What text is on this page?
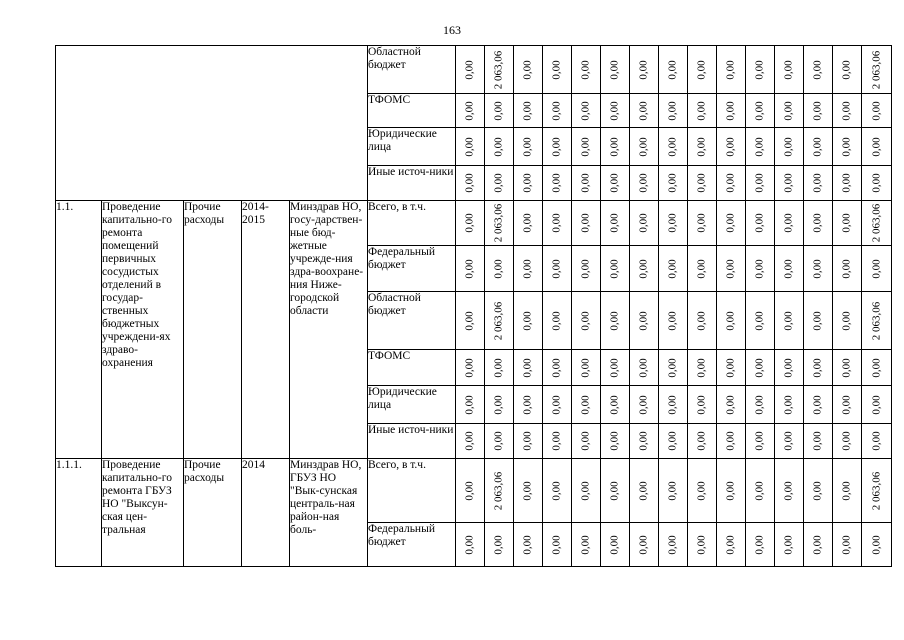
163
					Областной бюджет	0,00	2 063,06	0,00	0,00	0,00	0,00	0,00	0,00	0,00	0,00	0,00	0,00	0,00	0,00	2 063,06

					ТФОМС	0,00	0,00	0,00	0,00	0,00	0,00	0,00	0,00	0,00	0,00	0,00	0,00	0,00	0,00	0,00

					Юридические лица	0,00	0,00	0,00	0,00	0,00	0,00	0,00	0,00	0,00	0,00	0,00	0,00	0,00	0,00	0,00

					Иные источ-ники	0,00	0,00	0,00	0,00	0,00	0,00	0,00	0,00	0,00	0,00	0,00	0,00	0,00	0,00	0,00

1.1.	Проведение капитально-го ремонта помещений первичных сосудистых отделений в государ-ственных бюджетных учреждени-ях здраво-охранения	Прочие расходы	2014-2015	Минздрав НО, госу-дарствен-ные бюд-жетные учрежде-ния здра-воохране-ния Ниже-городской области	Всего, в т.ч.	0,00	2 063,06	0,00	0,00	0,00	0,00	0,00	0,00	0,00	0,00	0,00	0,00	0,00	0,00	2 063,06

					Федеральный бюджет	0,00	0,00	0,00	0,00	0,00	0,00	0,00	0,00	0,00	0,00	0,00	0,00	0,00	0,00	0,00

					Областной бюджет	0,00	2 063,06	0,00	0,00	0,00	0,00	0,00	0,00	0,00	0,00	0,00	0,00	0,00	0,00	2 063,06

					ТФОМС	0,00	0,00	0,00	0,00	0,00	0,00	0,00	0,00	0,00	0,00	0,00	0,00	0,00	0,00	0,00

					Юридические лица	0,00	0,00	0,00	0,00	0,00	0,00	0,00	0,00	0,00	0,00	0,00	0,00	0,00	0,00	0,00

					Иные источ-ники	0,00	0,00	0,00	0,00	0,00	0,00	0,00	0,00	0,00	0,00	0,00	0,00	0,00	0,00	0,00

1.1.1.	Проведение капитально-го ремонта ГБУЗ НО "Выксун-ская цен-тральная	Прочие расходы	2014	Минздрав НО, ГБУЗ НО "Вык-сунская централь-ная район-ная боль-	Всего, в т.ч.	0,00	2 063,06	0,00	0,00	0,00	0,00	0,00	0,00	0,00	0,00	0,00	0,00	0,00	0,00	2 063,06

					Федеральный бюджет	0,00	0,00	0,00	0,00	0,00	0,00	0,00	0,00	0,00	0,00	0,00	0,00	0,00	0,00	0,00
